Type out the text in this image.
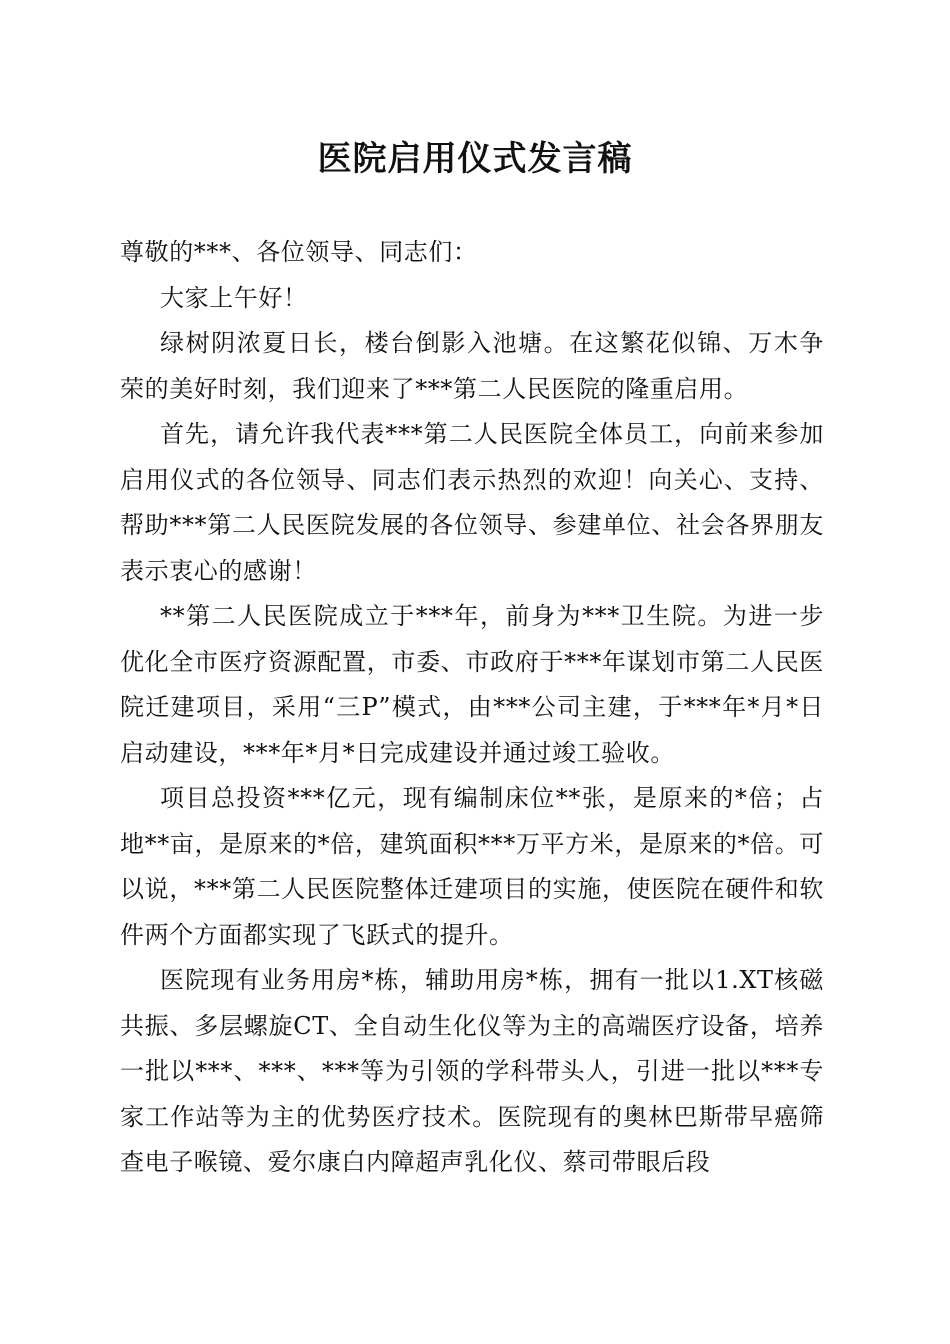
医院启用仪式发言稿

尊敬的***、各位领导、同志们：

大家上午好！

绿树阴浓夏日长，楼台倒影入池塘。在这繁花似锦、万木争荣的美好时刻，我们迎来了***第二人民医院的隆重启用。

首先，请允许我代表***第二人民医院全体员工，向前来参加启用仪式的各位领导、同志们表示热烈的欢迎！向关心、支持、帮助***第二人民医院发展的各位领导、参建单位、社会各界朋友表示衷心的感谢！

**第二人民医院成立于***年，前身为***卫生院。为进一步优化全市医疗资源配置，市委、市政府于***年谋划市第二人民医院迁建项目，采用“三P”模式，由***公司主建，于***年*月*日启动建设，***年*月*日完成建设并通过竣工验收。

项目总投资***亿元，现有编制床位**张，是原来的*倍；占地**亩，是原来的*倍，建筑面积***万平方米，是原来的*倍。可以说，***第二人民医院整体迁建项目的实施，使医院在硬件和软件两个方面都实现了飞跃式的提升。

医院现有业务用房*栋，辅助用房*栋，拥有一批以1.XT核磁共振、多层螺旋CT、全自动生化仪等为主的高端医疗设备，培养一批以***、***、***等为引领的学科带头人，引进一批以***专家工作站等为主的优势医疗技术。医院现有的奥林巴斯带早癌筛查电子喉镜、爱尔康白内障超声乳化仪、蔡司带眼后段
